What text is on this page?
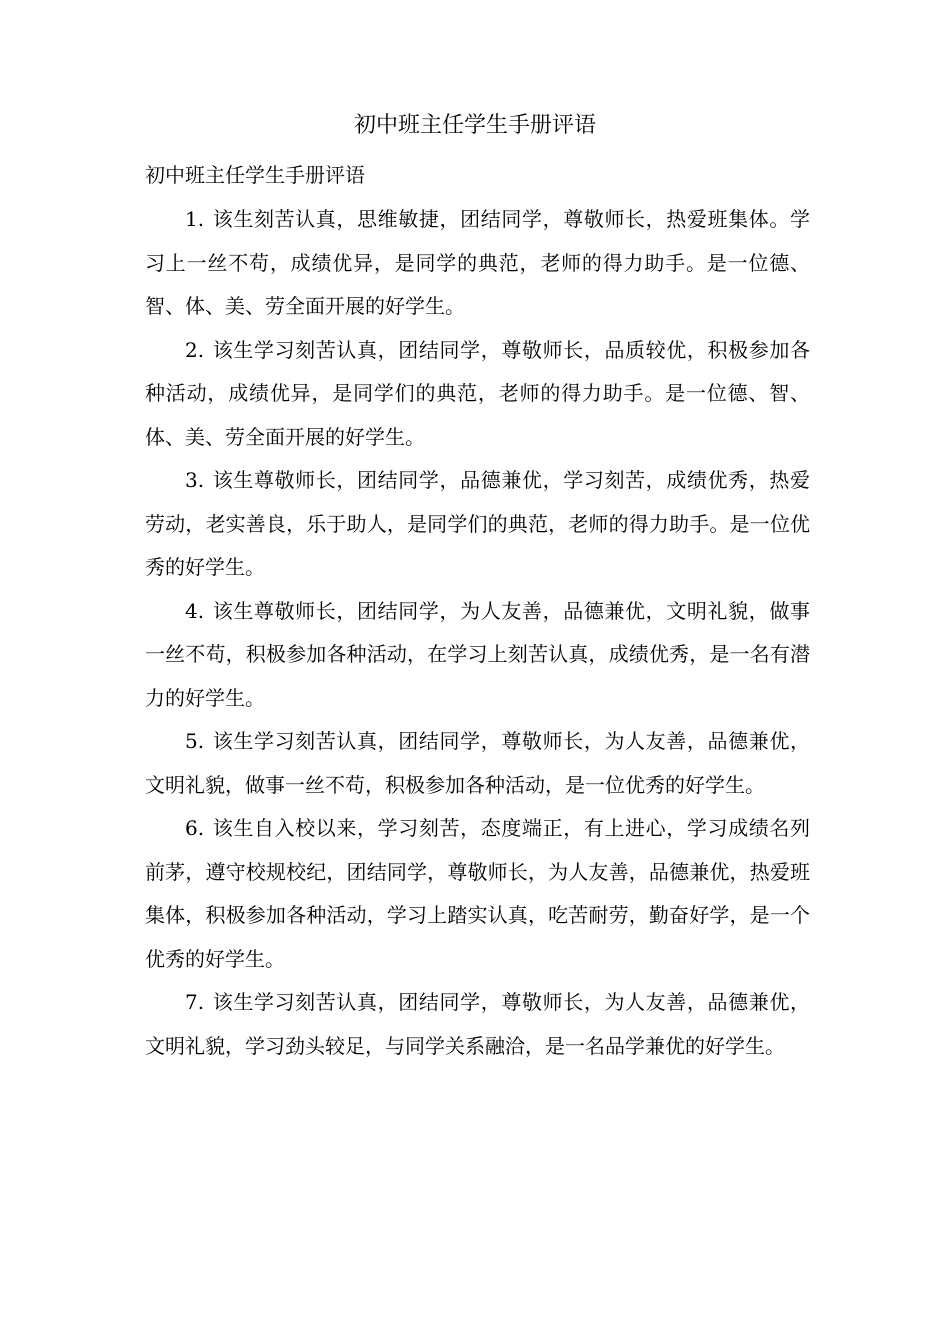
初中班主任学生手册评语

初中班主任学生手册评语

1. 该生刻苦认真，思维敏捷，团结同学，尊敬师长，热爱班集体。学习上一丝不苟，成绩优异，是同学的典范，老师的得力助手。是一位德、智、体、美、劳全面开展的好学生。

2. 该生学习刻苦认真，团结同学，尊敬师长，品质较优，积极参加各种活动，成绩优异，是同学们的典范，老师的得力助手。是一位德、智、体、美、劳全面开展的好学生。

3. 该生尊敬师长，团结同学，品德兼优，学习刻苦，成绩优秀，热爱劳动，老实善良，乐于助人，是同学们的典范，老师的得力助手。是一位优秀的好学生。

4. 该生尊敬师长，团结同学，为人友善，品德兼优，文明礼貌，做事一丝不苟，积极参加各种活动，在学习上刻苦认真，成绩优秀，是一名有潜力的好学生。

5. 该生学习刻苦认真，团结同学，尊敬师长，为人友善，品德兼优，文明礼貌，做事一丝不苟，积极参加各种活动，是一位优秀的好学生。

6. 该生自入校以来，学习刻苦，态度端正，有上进心，学习成绩名列前茅，遵守校规校纪，团结同学，尊敬师长，为人友善，品德兼优，热爱班集体，积极参加各种活动，学习上踏实认真，吃苦耐劳，勤奋好学，是一个优秀的好学生。

7. 该生学习刻苦认真，团结同学，尊敬师长，为人友善，品德兼优，文明礼貌，学习劲头较足，与同学关系融洽，是一名品学兼优的好学生。
